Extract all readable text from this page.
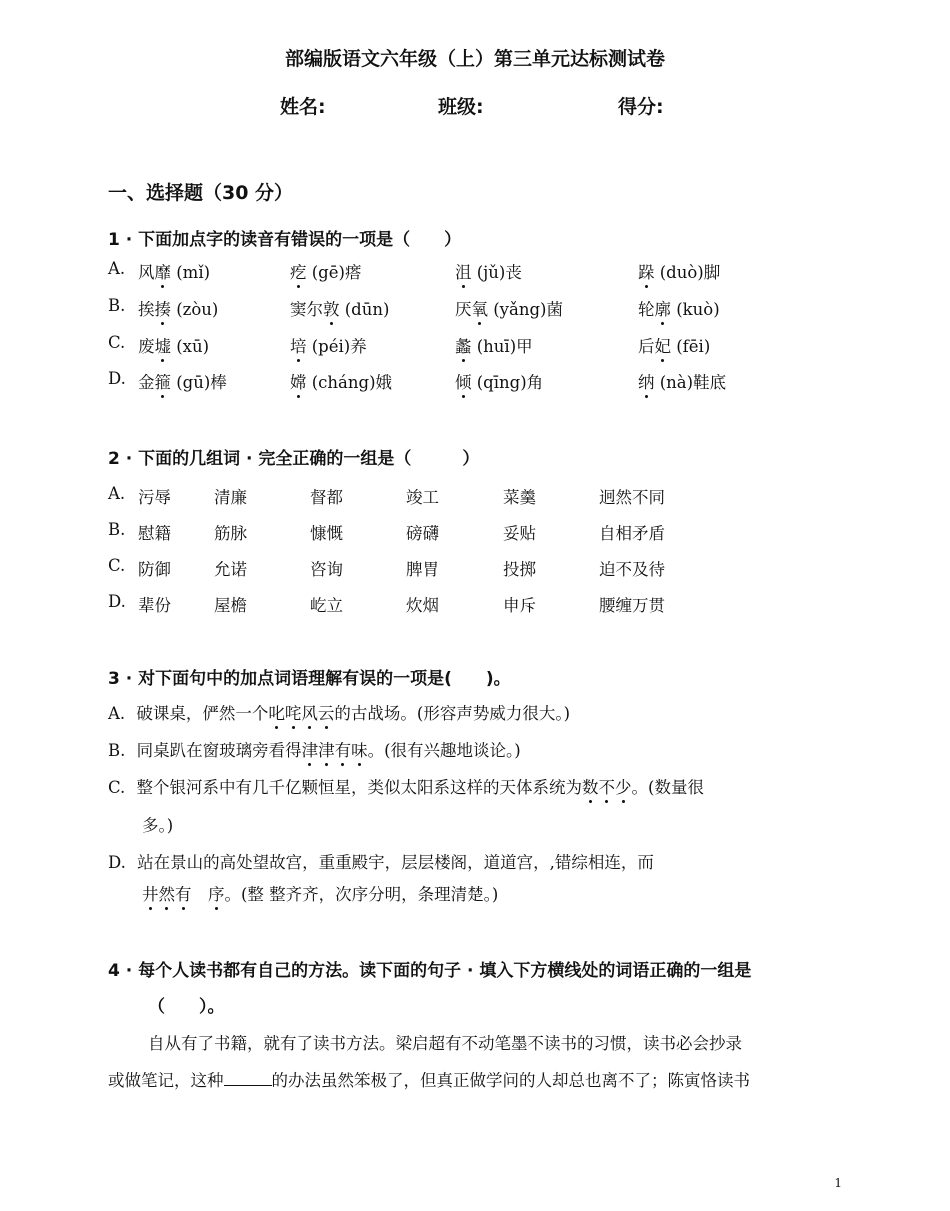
部编版语文六年级（上）第三单元达标测试卷
姓名:	班级:	得分:
一、选择题（30 分）
1 · 下面加点字的读音有错误的一项是（　　）
A. 风靡 (mǐ)	疙 (gē)瘩	沮 (jǔ)丧	跺 (duò)脚
B. 挨揍 (zòu)	窦尔敦 (dūn)	厌氧 (yǎng)菌	轮廓 (kuò)
C. 废墟 (xū)	培 (péi)养	蠡 (huī)甲	后妃 (fēi)
D. 金箍 (gū)棒	嫦 (cháng)娥	倾 (qīng)角	纳 (nà)鞋底
2 · 下面的几组词 · 完全正确的一组是（　　　）
A. 污辱	清廉	督都	竣工	菜羹	迥然不同
B. 慰籍	筋脉	慷慨	磅礴	妥贴	自相矛盾
C. 防御	允诺	咨询	脾胃	投掷	迫不及待
D. 辈份	屋檐	屹立	炊烟	申斥	腰缠万贯
3 · 对下面句中的加点词语理解有误的一项是(　　)。
A. 破课桌，俨然一个叱咤风云的古战场。(形容声势威力很大。)
B. 同桌趴在窗玻璃旁看得津津有味。(很有兴趣地谈论。)
C. 整个银河系中有几千亿颗恒星，类似太阳系这样的天体系统为数不少。(数量很
多。)
D. 站在景山的高处望故宫，重重殿宇，层层楼阁，道道宫，,错综相连，而
井然有　 序。(整 整齐齐，次序分明，条理清楚。)
4 · 每个人读书都有自己的方法。读下面的句子 · 填入下方横线处的词语正确的一组是
（　　）。
自从有了书籍，就有了读书方法。梁启超有不动笔墨不读书的习惯，读书必会抄录
或做笔记，这种	的办法虽然笨极了，但真正做学问的人却总也离不了；陈寅恪读书
1
